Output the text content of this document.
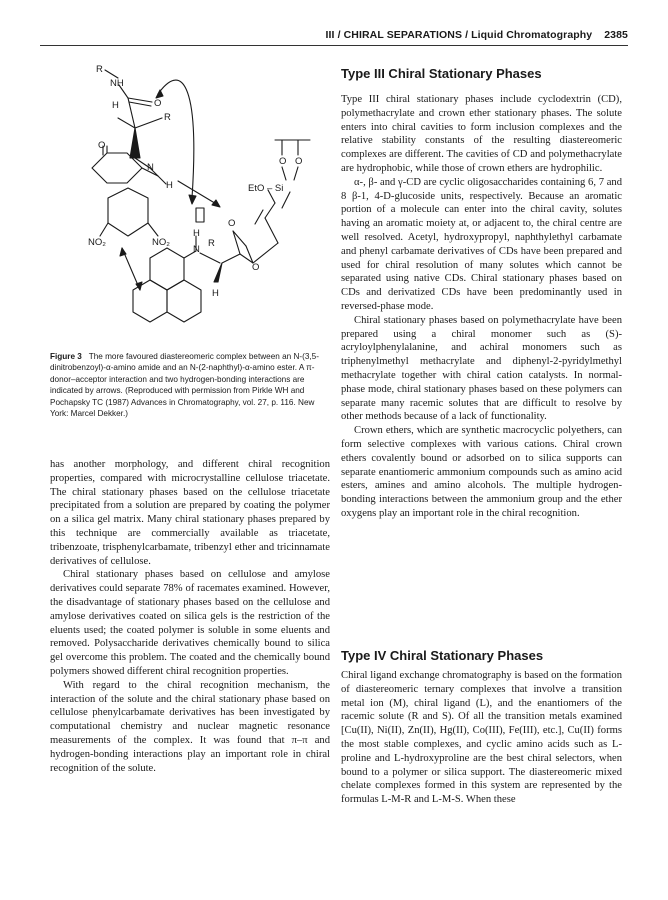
III / CHIRAL SEPARATIONS / Liquid Chromatography 2385
R
NH
H	O
R
O
N
H
NO₂	NO₂
H
N
R
O
O
H
EtO – Si
O O
Figure 3 The more favoured diastereomeric complex between an N-(3,5-dinitrobenzoyl)-α-amino amide and an N-(2-naphthyl)-α-amino ester. A π-donor–acceptor interaction and two hydrogen-bonding interactions are indicated by arrows. (Reproduced with permission from Pirkle WH and Pochapsky TC (1987) Advances in Chromatography, vol. 27, p. 116. New York: Marcel Dekker.)

has another morphology, and different chiral recognition properties, compared with microcrystalline cellulose triacetate. The chiral stationary phases based on the cellulose triacetate precipitated from a solution are prepared by coating the polymer on a silica gel matrix. Many chiral stationary phases prepared by this technique are commercially available as triacetate, tribenzoate, trisphenylcarbamate, tribenzyl ether and tricinnamate derivatives of cellulose.

Chiral stationary phases based on cellulose and amylose derivatives could separate 78% of racemates examined. However, the disadvantage of stationary phases based on the cellulose and amylose derivatives coated on silica gels is the restriction of the eluents used; the coated polymer is soluble in some eluents and removed. Polysaccharide derivatives chemically bound to silica gel overcome this problem. The coated and the chemically bound polymers showed different chiral recognition properties.

With regard to the chiral recognition mechanism, the interaction of the solute and the chiral stationary phase based on cellulose phenylcarbamate derivatives has been investigated by computational chemistry and nuclear magnetic resonance measurements of the complex. It was found that π–π and hydrogen-bonding interactions play an important role in chiral recognition of the solute.

Type III Chiral Stationary Phases

Type III chiral stationary phases include cyclodextrin (CD), polymethacrylate and crown ether stationary phases. The solute enters into chiral cavities to form inclusion complexes and the relative stability constants of the resulting diastereomeric complexes are different. The cavities of CD and polymethacrylate are hydrophobic, while those of crown ethers are hydrophilic.

α-, β- and γ-CD are cyclic oligosaccharides containing 6, 7 and 8 β-1, 4-D-glucoside units, respectively. Because an aromatic portion of a molecule can enter into the chiral cavity, solutes having an aromatic moiety at, or adjacent to, the chiral centre are well resolved. Acetyl, hydroxypropyl, naphthylethyl carbamate and phenyl carbamate derivatives of CDs have been prepared and used for chiral resolution of many solutes which cannot be separated using native CDs. Chiral stationary phases based on CDs and derivatized CDs have been predominantly used in reversed-phase mode.

Chiral stationary phases based on polymethacrylate have been prepared using a chiral monomer such as (S)-acryloylphenylalanine, and achiral monomers such as triphenylmethyl methacrylate and diphenyl-2-pyridylmethyl methacrylate together with chiral cation catalysts. In normal-phase mode, chiral stationary phases based on these polymers can separate many racemic solutes that are difficult to resolve by other methods because of a lack of functionality.

Crown ethers, which are synthetic macrocyclic polyethers, can form selective complexes with various cations. Chiral crown ethers covalently bound or adsorbed on to silica supports can separate enantiomeric ammonium compounds such as amino acid esters, amines and amino alcohols. The multiple hydrogen-bonding interactions between the ammonium group and the ether oxygens play an important role in the chiral recognition.

Type IV Chiral Stationary Phases

Chiral ligand exchange chromatography is based on the formation of diastereomeric ternary complexes that involve a transition metal ion (M), chiral ligand (L), and the enantiomers of the racemic solute (R and S). Of all the transition metals examined [Cu(II), Ni(II), Zn(II), Hg(II), Co(III), Fe(III), etc.], Cu(II) forms the most stable complexes, and cyclic amino acids such as L-proline and L-hydroxyproline are the best chiral selectors, when bound to a polymer or silica support. The diastereomeric mixed chelate complexes formed in this system are represented by the formulas L-M-R and L-M-S. When these
